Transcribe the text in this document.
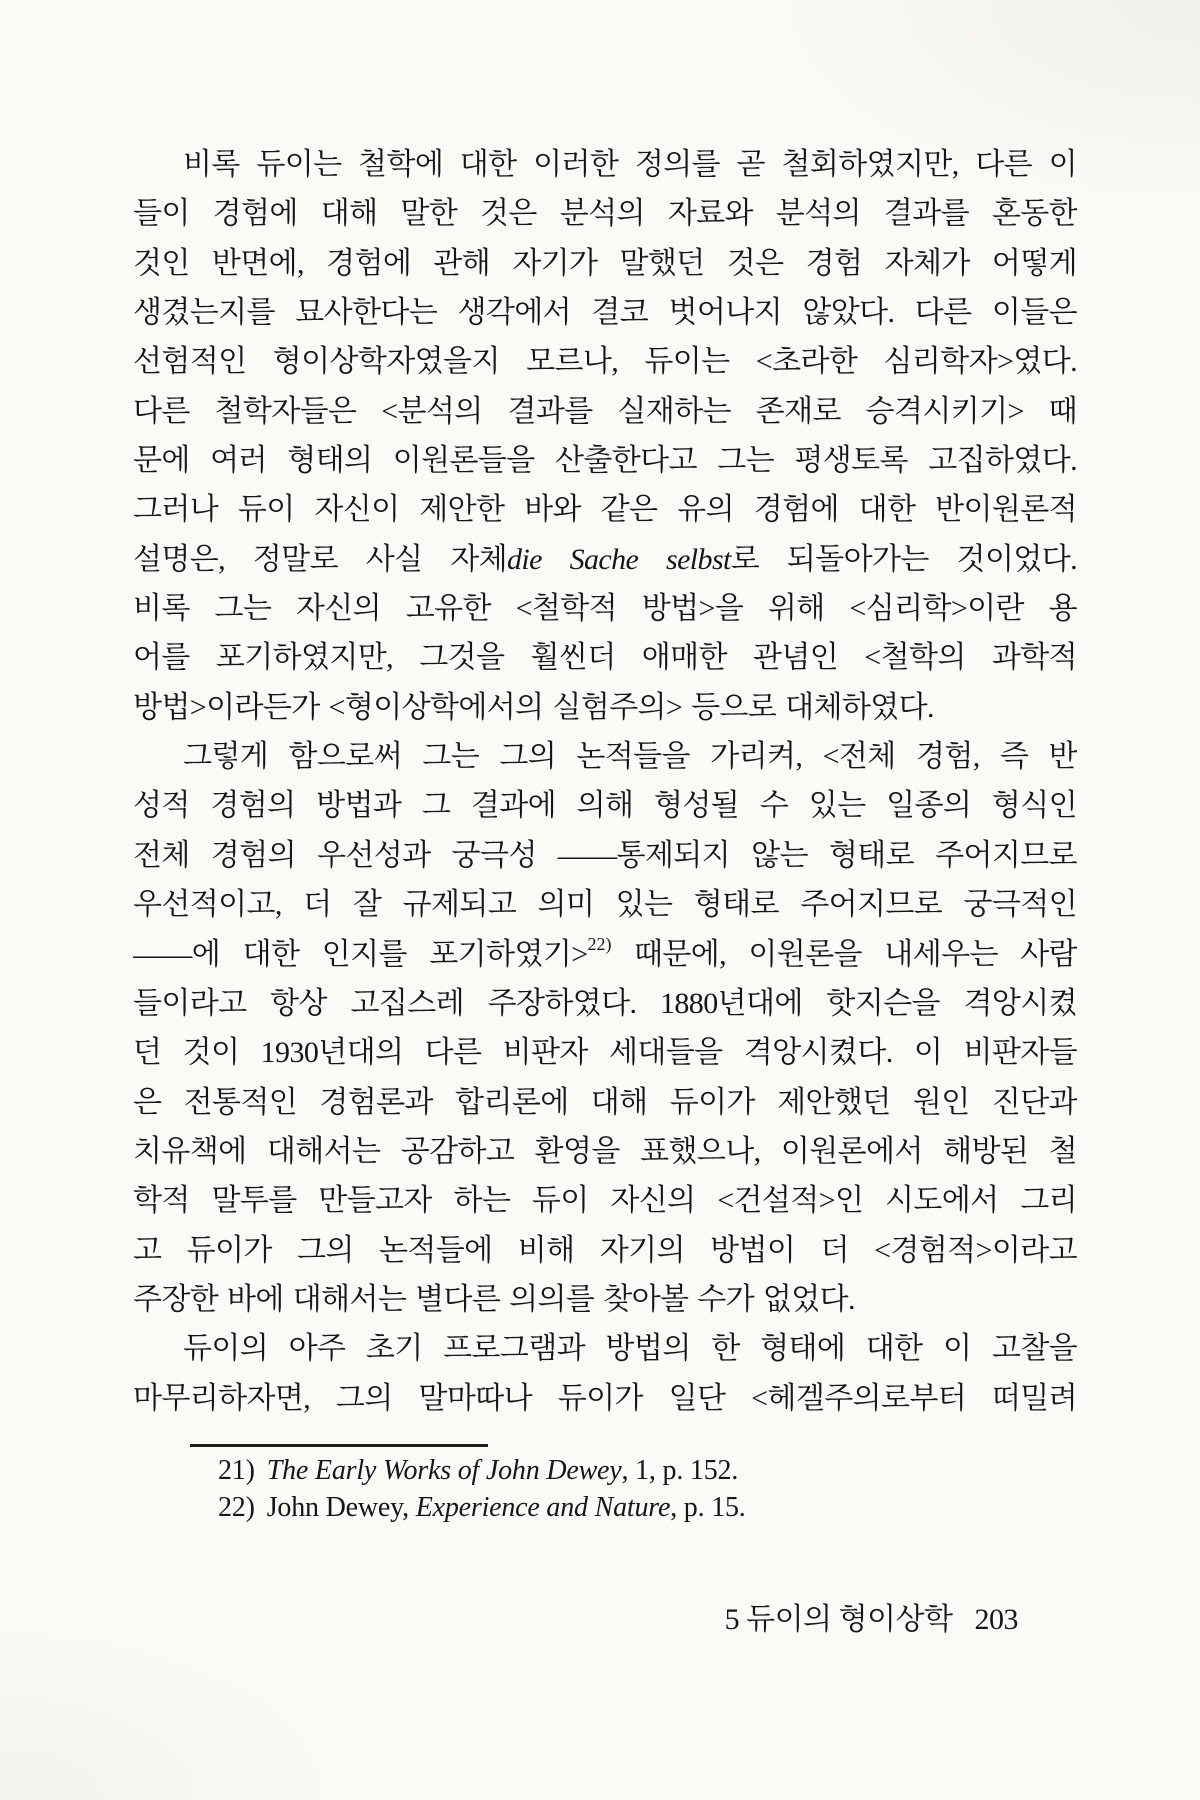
비록 듀이는 철학에 대한 이러한 정의를 곧 철회하였지만, 다른 이
들이 경험에 대해 말한 것은 분석의 자료와 분석의 결과를 혼동한
것인 반면에, 경험에 관해 자기가 말했던 것은 경험 자체가 어떻게
생겼는지를 묘사한다는 생각에서 결코 벗어나지 않았다. 다른 이들은
선험적인 형이상학자였을지 모르나, 듀이는 <초라한 심리학자>였다.
다른 철학자들은 <분석의 결과를 실재하는 존재로 승격시키기> 때
문에 여러 형태의 이원론들을 산출한다고 그는 평생토록 고집하였다.
그러나 듀이 자신이 제안한 바와 같은 유의 경험에 대한 반이원론적
설명은, 정말로 사실 자체die Sache selbst로 되돌아가는 것이었다.
비록 그는 자신의 고유한 <철학적 방법>을 위해 <심리학>이란 용
어를 포기하였지만, 그것을 훨씬더 애매한 관념인 <철학의 과학적
방법>이라든가 <형이상학에서의 실험주의> 등으로 대체하였다.
그렇게 함으로써 그는 그의 논적들을 가리켜, <전체 경험, 즉 반
성적 경험의 방법과 그 결과에 의해 형성될 수 있는 일종의 형식인
전체 경험의 우선성과 궁극성 ——통제되지 않는 형태로 주어지므로
우선적이고, 더 잘 규제되고 의미 있는 형태로 주어지므로 궁극적인
——에 대한 인지를 포기하였기>$^{22)}$ 때문에, 이원론을 내세우는 사람
들이라고 항상 고집스레 주장하였다. 1880년대에 핫지슨을 격앙시켰
던 것이 1930년대의 다른 비판자 세대들을 격앙시켰다. 이 비판자들
은 전통적인 경험론과 합리론에 대해 듀이가 제안했던 원인 진단과
치유책에 대해서는 공감하고 환영을 표했으나, 이원론에서 해방된 철
학적 말투를 만들고자 하는 듀이 자신의 <건설적>인 시도에서 그리
고 듀이가 그의 논적들에 비해 자기의 방법이 더 <경험적>이라고
주장한 바에 대해서는 별다른 의의를 찾아볼 수가 없었다.
듀이의 아주 초기 프로그램과 방법의 한 형태에 대한 이 고찰을
마무리하자면, 그의 말마따나 듀이가 일단 <헤겔주의로부터 떠밀려
21) The Early Works of John Dewey, 1, p. 152.
22) John Dewey, Experience and Nature, p. 15.
5 듀이의 형이상학 203
